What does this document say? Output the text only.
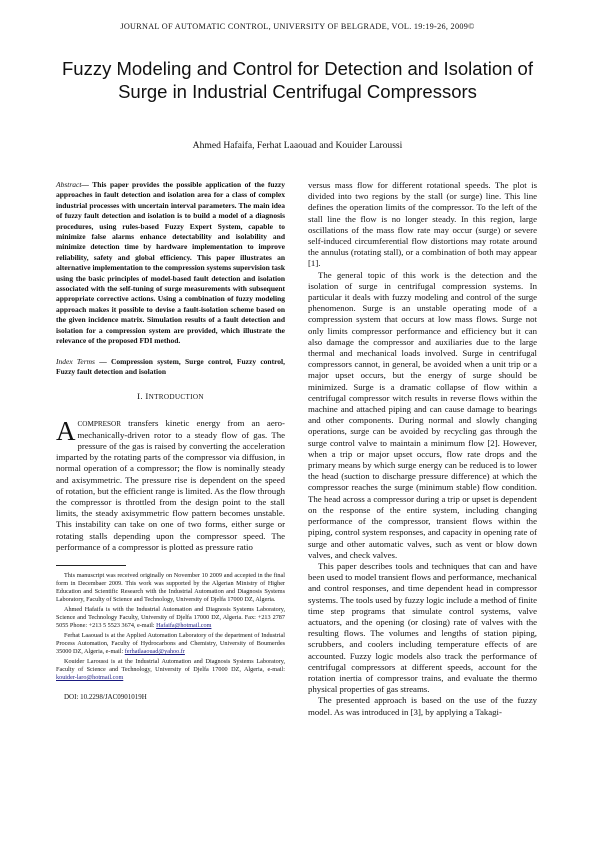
JOURNAL OF AUTOMATIC CONTROL, UNIVERSITY OF BELGRADE, VOL. 19:19-26, 2009©
Fuzzy Modeling and Control for Detection and Isolation of Surge in Industrial Centrifugal Compressors
Ahmed Hafaifa, Ferhat Laaouad and Kouider Laroussi

Abstract— This paper provides the possible application of the fuzzy approaches in fault detection and isolation area for a class of complex industrial processes with uncertain interval parameters. The main idea of fuzzy fault detection and isolation is to build a model of a diagnosis procedures, using rules-based Fuzzy Expert System, capable to minimize false alarms enhance detectability and isolability and minimize detection time by hardware implementation to improve reliability, safety and global efficiency. This paper illustrates an alternative implementation to the compression systems supervision task using the basic principles of model-based fault detection and isolation associated with the self-tuning of surge measurements with subsequent appropriate corrective actions. Using a combination of fuzzy modeling approach makes it possible to devise a fault-isolation scheme based on the given incidence matrix. Simulation results of a fault detection and isolation for a compression system are provided, which illustrate the relevance of the proposed FDI method.

Index Terms — Compression system, Surge control, Fuzzy control, Fuzzy fault detection and isolation

I. INTRODUCTION

A COMPRESOR transfers kinetic energy from an aero-mechanically-driven rotor to a steady flow of gas. The pressure of the gas is raised by converting the acceleration imparted by the rotating parts of the compressor via diffusion, in normal operation of a compressor; the flow is nominally steady and axisymmetric. The pressure rise is dependent on the speed of rotation, but the efficient range is limited. As the flow through the compressor is throttled from the design point to the stall limits, the steady axisymmetric flow pattern becomes unstable. This instability can take on one of two forms, either surge or rotating stalls depending upon the compressor speed. The performance of a compressor is plotted as pressure ratio

This manuscript was received originally on November 10 2009 and accepted in the final form in Decembaer 2009. This work was supported by the Algerian Ministry of Higher Education and Scientific Research with the Industrial Automation and Diagnosis Systems Laboratory, Faculty of Science and Technology, University of Djelfa 17000 DZ, Algeria.

Ahmed Hafaifa is with the Industrial Automation and Diagnosis Systems Laboratory, Science and Technology Faculty, University of Djelfa 17000 DZ, Algeria. Fax: +213 2787 5055 Phone: +213 5 5523 3674, e-mail: Hafaifa@hotmail.com

Ferhat Laaouad is at the Applied Automation Laboratory of the department of Industrial Process Automation, Faculty of Hydrocarbons and Chemistry, University of Boumerdes 35000 DZ, Algeria, e-mail: ferhatlaaouad@yahoo.fr

Kouider Laroussi is at the Industrial Automation and Diagnosis Systems Laboratory, Faculty of Science and Technology, University of Djelfa 17000 DZ, Algeria, e-mail: kouider-laro@hotmail.com

DOI: 10.2298/JAC0901019H

versus mass flow for different rotational speeds. The plot is divided into two regions by the stall (or surge) line. This line defines the operation limits of the compressor. To the left of the stall line the flow is no longer steady. In this region, large oscillations of the mass flow rate may occur (surge) or severe self-induced circumferential flow distortions may rotate around the annulus (rotating stall), or a combination of both may appear [1].

The general topic of this work is the detection and the isolation of surge in centrifugal compression systems. In particular it deals with fuzzy modeling and control of the surge phenomenon. Surge is an unstable operating mode of a compression system that occurs at low mass flows. Surge not only limits compressor performance and efficiency but it can also damage the compressor and auxiliaries due to the large thermal and mechanical loads involved. Surge in centrifugal compressors cannot, in general, be avoided when a unit trip or a major upset occurs, but the energy of surge should be minimized. Surge is a dramatic collapse of flow within a centrifugal compressor witch results in reverse flows within the machine and attached piping and can cause damage to bearings and other components. During normal and slowly changing operations, surge can be avoided by recycling gas through the surge control valve to maintain a minimum flow [2]. However, when a trip or major upset occurs, flow rate drops and the primary means by which surge energy can be reduced is to lower the head (suction to discharge pressure difference) at which the compressor reaches the surge (minimum stable) flow condition. The head across a compressor during a trip or upset is dependent on the response of the entire system, including changing performance of the compressor, transient flows within the piping, control system responses, and capacity in opening rate of surge and other automatic valves, such as vent or blow down valves, and check valves.

This paper describes tools and techniques that can and have been used to model transient flows and performance, mechanical and control responses, and time dependent head in compressor systems. The tools used by fuzzy logic include a method of finite time step programs that simulate control systems, valve actuators, and the opening (or closing) rate of valves with the resulting flows. The volumes and lengths of station piping, scrubbers, and coolers including temperature effects of are accounted. Fuzzy logic models also track the performance of centrifugal compressors at different speeds, account for the rotation inertia of compressor trains, and evaluate the thermo physical properties of gas streams.

The presented approach is based on the use of the fuzzy model. As was introduced in [3], by applying a Takagi-
